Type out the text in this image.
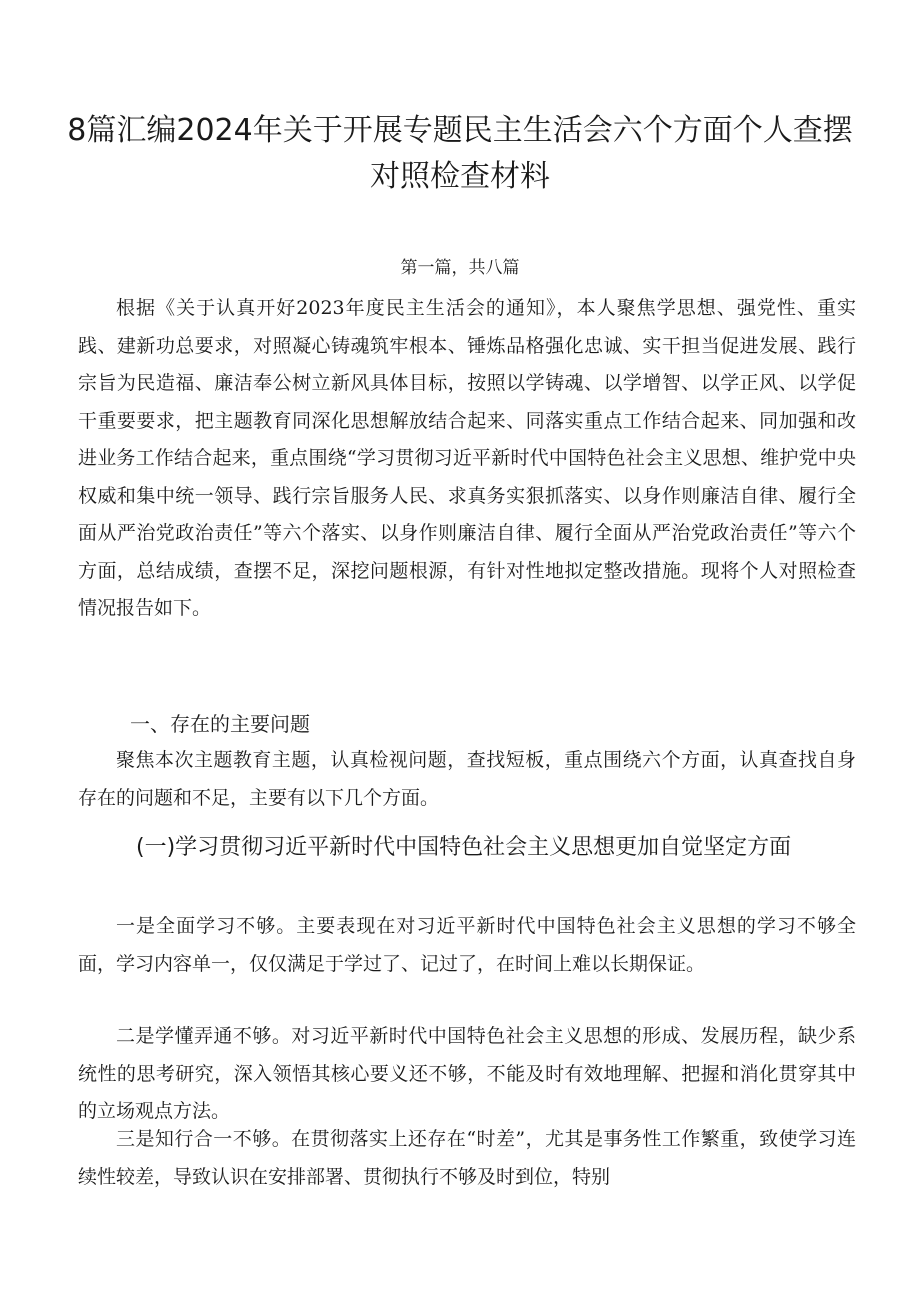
8篇汇编2024年关于开展专题民主生活会六个方面个人查摆对照检查材料

第一篇，共八篇

根据《关于认真开好2023年度民主生活会的通知》，本人聚焦学思想、强党性、重实践、建新功总要求，对照凝心铸魂筑牢根本、锤炼品格强化忠诚、实干担当促进发展、践行宗旨为民造福、廉洁奉公树立新风具体目标，按照以学铸魂、以学增智、以学正风、以学促干重要要求，把主题教育同深化思想解放结合起来、同落实重点工作结合起来、同加强和改进业务工作结合起来，重点围绕“学习贯彻习近平新时代中国特色社会主义思想、维护党中央权威和集中统一领导、践行宗旨服务人民、求真务实狠抓落实、以身作则廉洁自律、履行全面从严治党政治责任”等六个落实、以身作则廉洁自律、履行全面从严治党政治责任”等六个方面，总结成绩，查摆不足，深挖问题根源，有针对性地拟定整改措施。现将个人对照检查情况报告如下。

一、存在的主要问题

聚焦本次主题教育主题，认真检视问题，查找短板，重点围绕六个方面，认真查找自身存在的问题和不足，主要有以下几个方面。

(一)学习贯彻习近平新时代中国特色社会主义思想更加自觉坚定方面

一是全面学习不够。主要表现在对习近平新时代中国特色社会主义思想的学习不够全面，学习内容单一，仅仅满足于学过了、记过了，在时间上难以长期保证。

二是学懂弄通不够。对习近平新时代中国特色社会主义思想的形成、发展历程，缺少系统性的思考研究，深入领悟其核心要义还不够，不能及时有效地理解、把握和消化贯穿其中的立场观点方法。

三是知行合一不够。在贯彻落实上还存在“时差”，尤其是事务性工作繁重，致使学习连续性较差，导致认识在安排部署、贯彻执行不够及时到位，特别
